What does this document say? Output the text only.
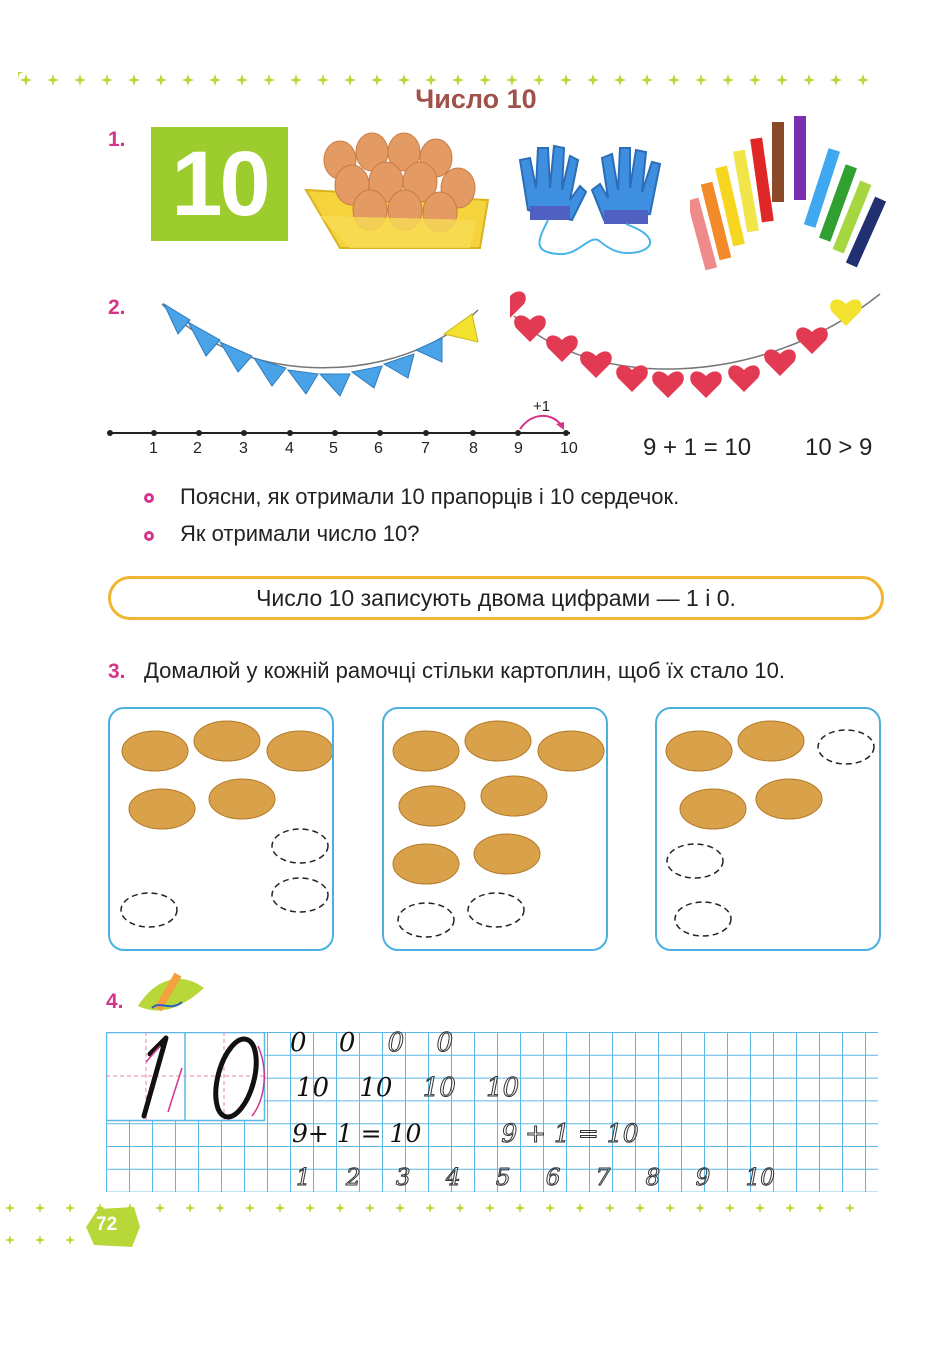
Число 10
1.
2.
3.
4.
10
+1
1 2 3 4 5 6 7 8 9 10	9 + 1 = 10 10 > 9
Поясни, як отримали 10 прапорців і 10 сердечок.
Як отримали число 10?
Число 10 записують двома цифрами — 1 і 0.
Домалюй у кожній рамочці стільки картоплин, щоб їх стало 10.
0 0 0 0
10 10 10 10
9+ 1 = 10	9 + 1 = 10
1 2 3 4 5 6 7 8 9 10
72
